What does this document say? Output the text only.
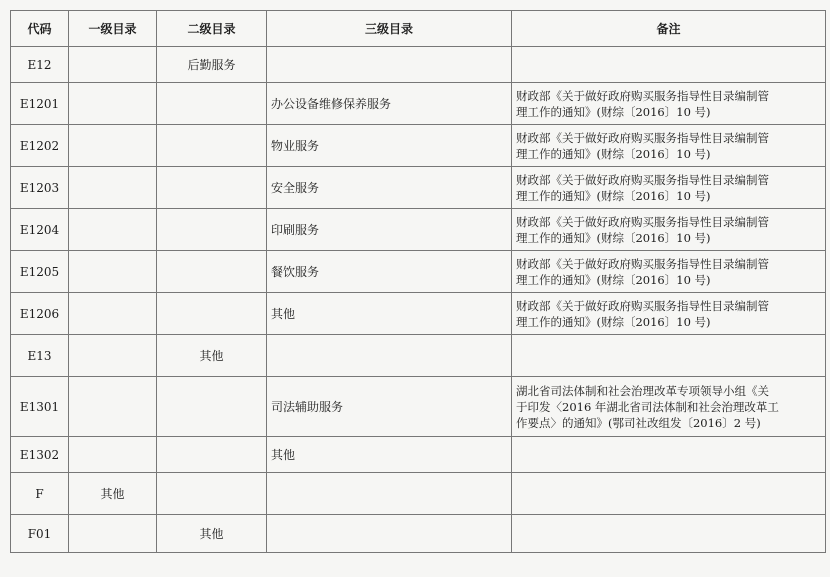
代码	一级目录	二级目录	三级目录	备注
E12		后勤服务		
E1201			办公设备维修保养服务	财政部《关于做好政府购买服务指导性目录编制管
理工作的通知》(财综〔2016〕10 号)

E1202			物业服务	财政部《关于做好政府购买服务指导性目录编制管
理工作的通知》(财综〔2016〕10 号)

E1203			安全服务	财政部《关于做好政府购买服务指导性目录编制管
理工作的通知》(财综〔2016〕10 号)

E1204			印刷服务	财政部《关于做好政府购买服务指导性目录编制管
理工作的通知》(财综〔2016〕10 号)

E1205			餐饮服务	财政部《关于做好政府购买服务指导性目录编制管
理工作的通知》(财综〔2016〕10 号)

E1206			其他	财政部《关于做好政府购买服务指导性目录编制管
理工作的通知》(财综〔2016〕10 号)

E13		其他		
E1301			司法辅助服务	湖北省司法体制和社会治理改革专项领导小组《关
于印发〈2016 年湖北省司法体制和社会治理改革工
作要点〉的通知》(鄂司社改组发〔2016〕2 号)

E1302			其他	
F	其他			
F01		其他		
